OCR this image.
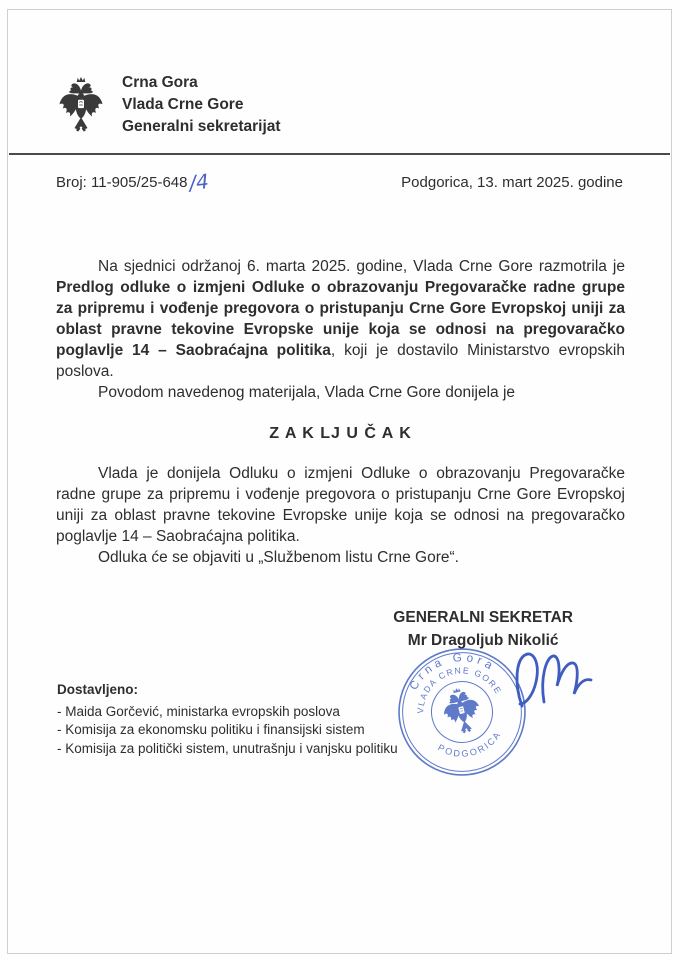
Crna Gora
Vlada Crne Gore
Generalni sekretarijat
Broj: 11-905/25-648/4	Podgorica, 13. mart 2025. godine

Na sjednici održanoj 6. marta 2025. godine, Vlada Crne Gore razmotrila je Predlog odluke o izmjeni Odluke o obrazovanju Pregovaračke radne grupe za pripremu i vođenje pregovora o pristupanju Crne Gore Evropskoj uniji za oblast pravne tekovine Evropske unije koja se odnosi na pregovaračko poglavlje 14 – Saobraćajna politika, koji je dostavilo Ministarstvo evropskih poslova.

Povodom navedenog materijala, Vlada Crne Gore donijela je

Z A K LJ U Č A K

Vlada je donijela Odluku o izmjeni Odluke o obrazovanju Pregovaračke radne grupe za pripremu i vođenje pregovora o pristupanju Crne Gore Evropskoj uniji za oblast pravne tekovine Evropske unije koja se odnosi na pregovaračko poglavlje 14 – Saobraćajna politika.

Odluka će se objaviti u „Službenom listu Crne Gore“.

GENERALNI SEKRETAR
Mr Dragoljub Nikolić
Dostavljeno:
- Maida Gorčević, ministarka evropskih poslova
- Komisija za ekonomsku politiku i finansijski sistem
- Komisija za politički sistem, unutrašnju i vanjsku politiku
Crna Gora
VLADA CRNE GORE
PODGORICA
